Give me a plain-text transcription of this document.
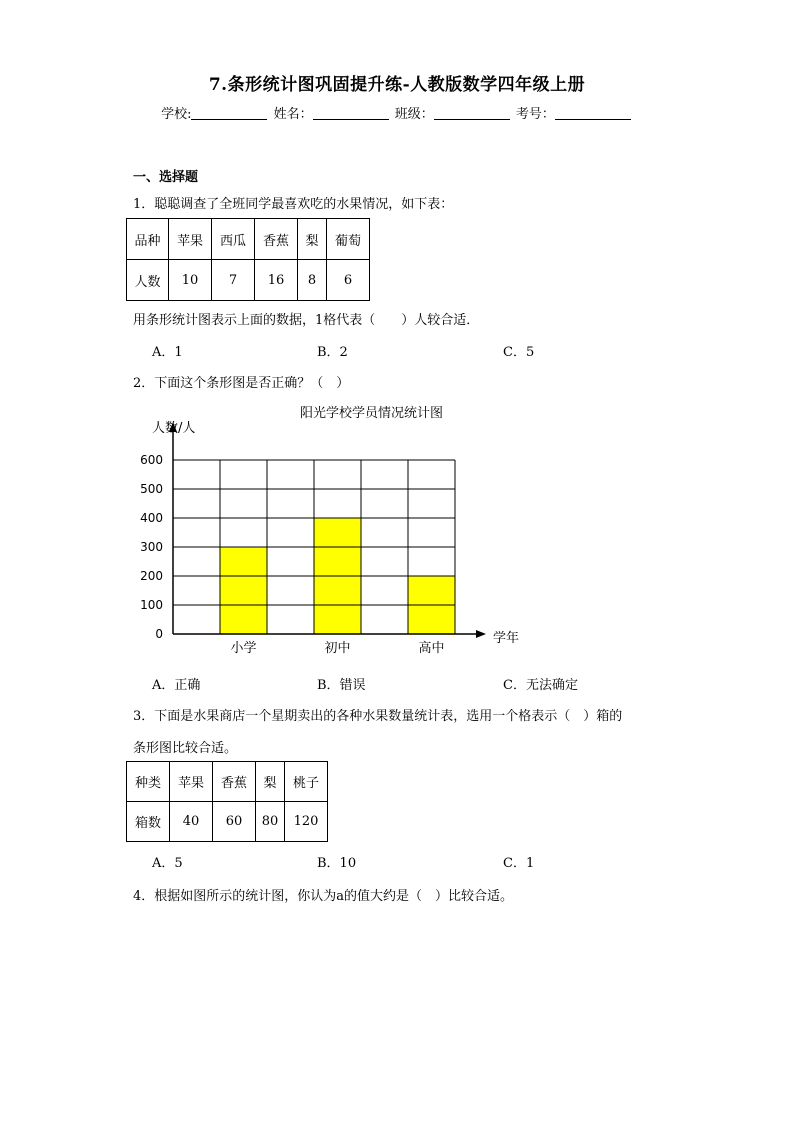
7.条形统计图巩固提升练-人教版数学四年级上册
学校:	姓名：	班级：	考号：
一、选择题
1．聪聪调查了全班同学最喜欢吃的水果情况，如下表：
品种	苹果	西瓜	香蕉	梨	葡萄
人数	10	7	16	8	6
用条形统计图表示上面的数据，1格代表（　　）人较合适．
A．1	B．2	C．5
2．下面这个条形图是否正确？（　）
阳光学校学员情况统计图
人数/人
学年
0
100
200
300
400
500
600
小学	初中	高中
A．正确	B．错误	C．无法确定
3．下面是水果商店一个星期卖出的各种水果数量统计表，选用一个格表示（　）箱的
条形图比较合适。
种类	苹果	香蕉	梨	桃子
箱数	40	60	80	120
A．5	B．10	C．1
4．根据如图所示的统计图，你认为a的值大约是（　）比较合适。
